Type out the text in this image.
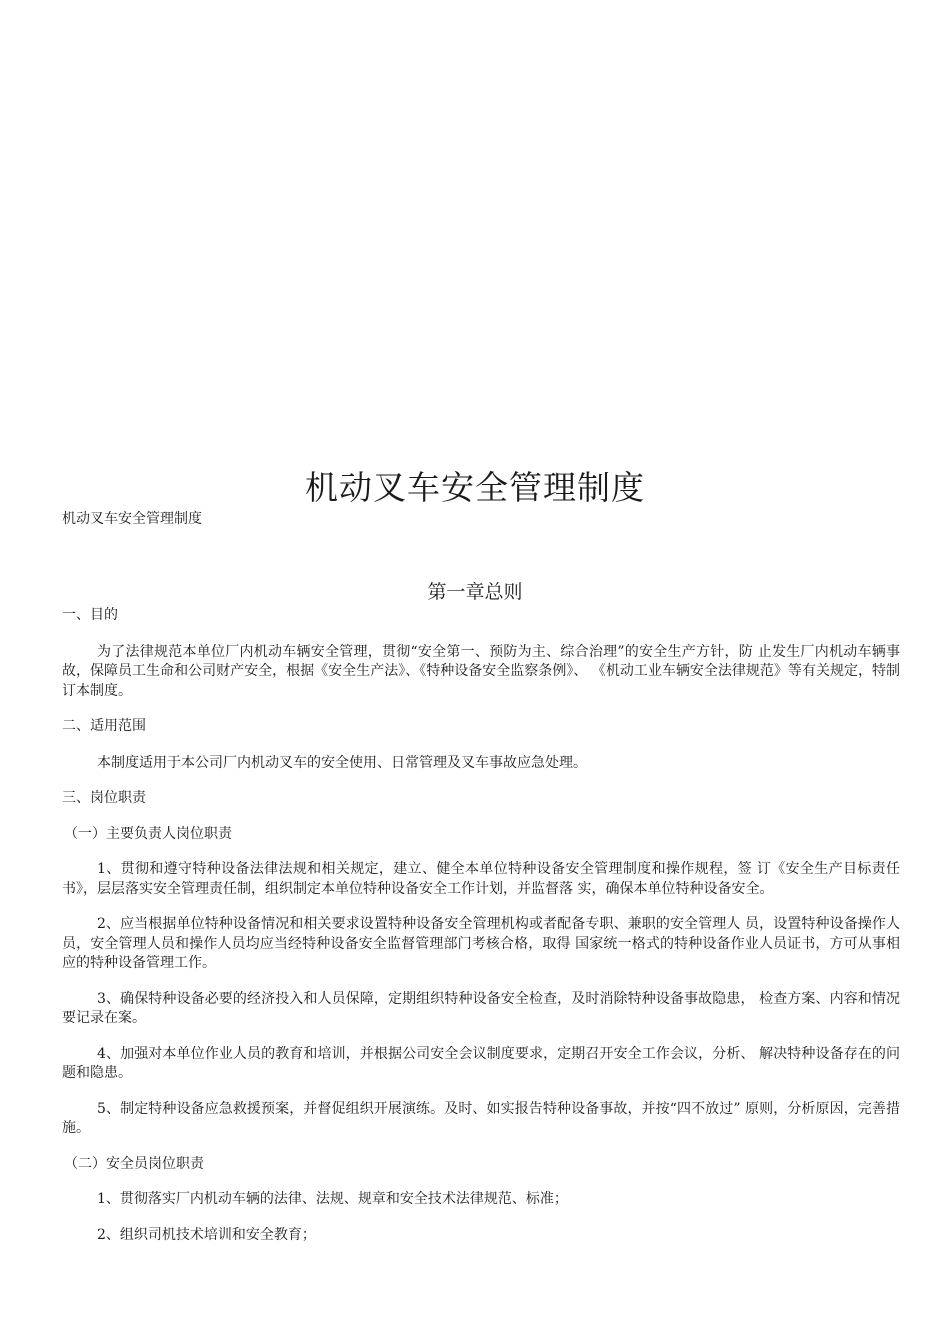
机动叉车安全管理制度
机动叉车安全管理制度
第一章总则

一、目的

为了法律规范本单位厂内机动车辆安全管理，贯彻“安全第一、预防为主、综合治理”的安全生产方针，防 止发生厂内机动车辆事故，保障员工生命和公司财产安全，根据《安全生产法》、《特种设备安全监察条例》、 《机动工业车辆安全法律规范》等有关规定，特制订本制度。

二、适用范围

本制度适用于本公司厂内机动叉车的安全使用、日常管理及叉车事故应急处理。

三、岗位职责

（一）主要负责人岗位职责

1、贯彻和遵守特种设备法律法规和相关规定，建立、健全本单位特种设备安全管理制度和操作规程，签 订《安全生产目标责任书》，层层落实安全管理责任制，组织制定本单位特种设备安全工作计划，并监督落 实，确保本单位特种设备安全。

2、应当根据单位特种设备情况和相关要求设置特种设备安全管理机构或者配备专职、兼职的安全管理人 员，设置特种设备操作人员，安全管理人员和操作人员均应当经特种设备安全监督管理部门考核合格，取得 国家统一格式的特种设备作业人员证书，方可从事相应的特种设备管理工作。

3、确保特种设备必要的经济投入和人员保障，定期组织特种设备安全检查，及时消除特种设备事故隐患， 检查方案、内容和情况要记录在案。

4、加强对本单位作业人员的教育和培训，并根据公司安全会议制度要求，定期召开安全工作会议，分析、 解决特种设备存在的问题和隐患。

5、制定特种设备应急救援预案，并督促组织开展演练。及时、如实报告特种设备事故，并按“四不放过” 原则，分析原因，完善措施。

（二）安全员岗位职责

1、贯彻落实厂内机动车辆的法律、法规、规章和安全技术法律规范、标准；

2、组织司机技术培训和安全教育；
